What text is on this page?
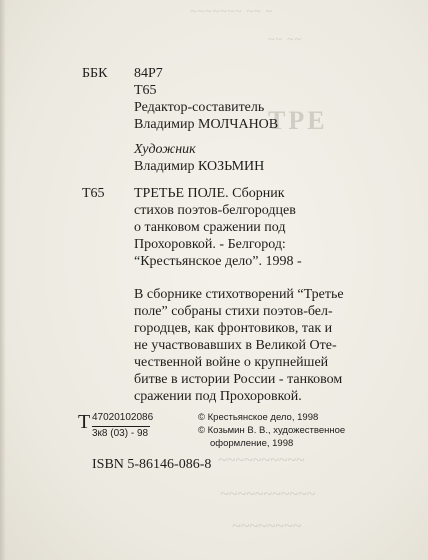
~~~~~~~ ~~ ~
~~ ~~
ТРЕ
~~~~~~~~~~
~~~~~~~~~~~
~~~~~~~~
ББК 84Р7
Т65
Редактор-составитель
Владимир МОЛЧАНОВ
Художник
Владимир КОЗЬМИН
Т65 ТРЕТЬЕ ПОЛЕ. Сборник
стихов поэтов-белгородцев
о танковом сражении под
Прохоровкой. - Белгород:
“Крестьянское дело”. 1998 -
В сборнике стихотворений “Третье
поле” собраны стихи поэтов-бел-
городцев, как фронтовиков, так и
не участвовавших в Великой Оте-
чественной войне о крупнейшей
битве в истории России - танковом
сражении под Прохоровкой.
Т 47020102086
3к8 (03) - 98
© Крестьянское дело, 1998
© Козьмин В. В., художественное
оформление, 1998
ISBN 5-86146-086-8
